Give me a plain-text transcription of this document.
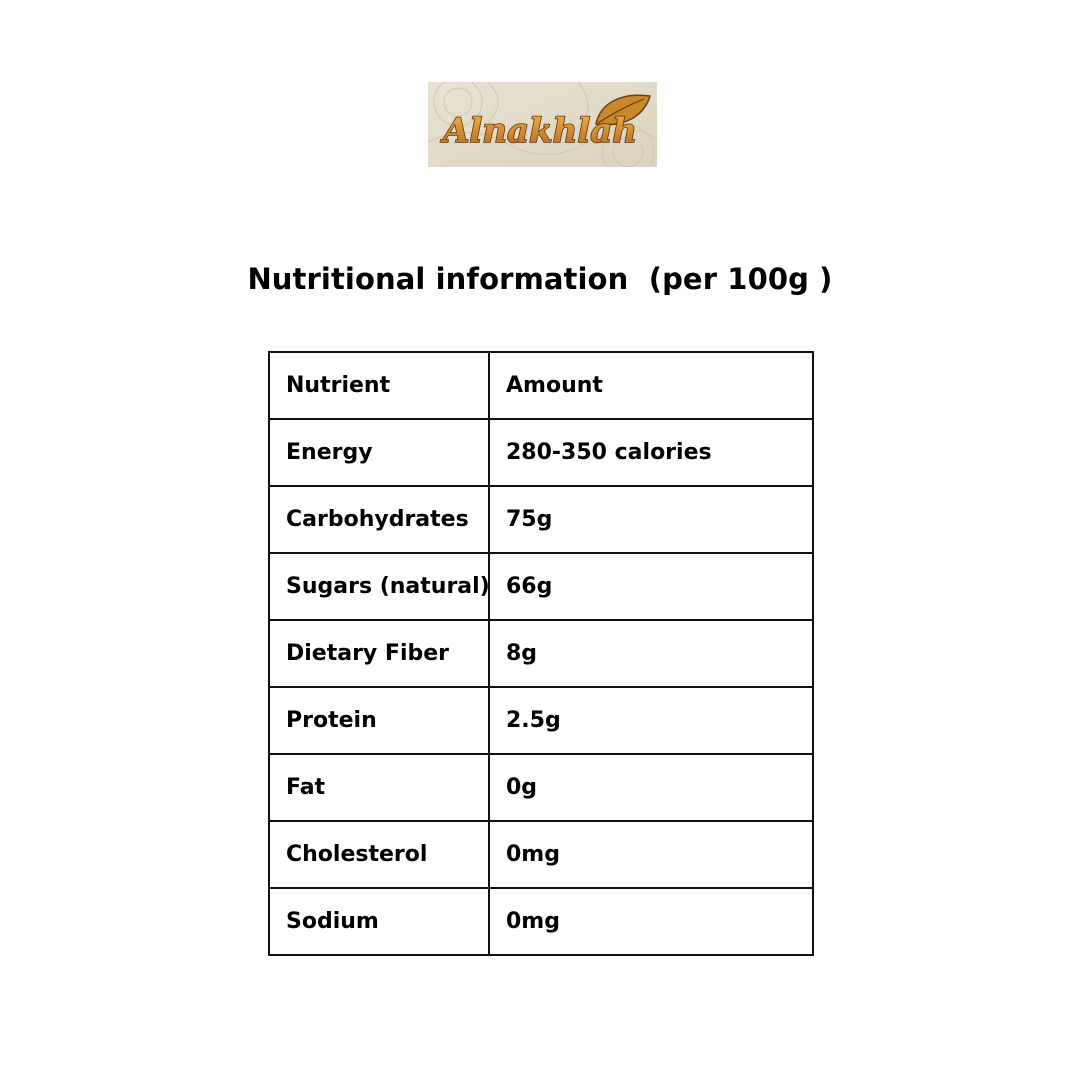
Alnakhlah
Nutritional information  (per 100g )
Nutrient	Amount
Energy	280-350 calories
Carbohydrates	75g
Sugars (natural)	66g
Dietary Fiber	8g
Protein	2.5g
Fat	0g
Cholesterol	0mg
Sodium	0mg
